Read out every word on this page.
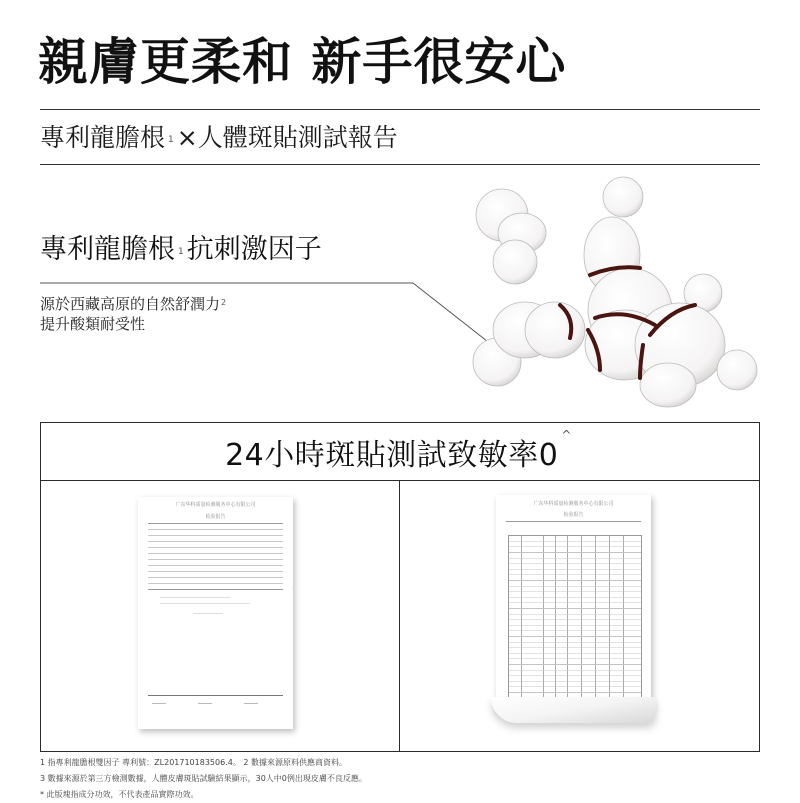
親膚更柔和 新手很安心
專利龍膽根 $^1$ ×人體斑貼測試報告
專利龍膽根 $^1$ 抗刺激因子
源於西藏高原的自然舒潤力$^2$
提升酸類耐受性
24小時斑貼測試致敏率0^
广东华科质量检测服务中心有限公司
检验报告
·
广东华科质量检测服务中心有限公司
检验报告
1 指專利龍膽根雙因子 專利號：ZL201710183506.4。 2 數據來源原料供應商資料。
3 數據來源於第三方檢測數據，人體皮膚斑貼試驗結果顯示，30人中0例出現皮膚不良反應。
* 此版塊指成分功效，不代表產品實際功效。
